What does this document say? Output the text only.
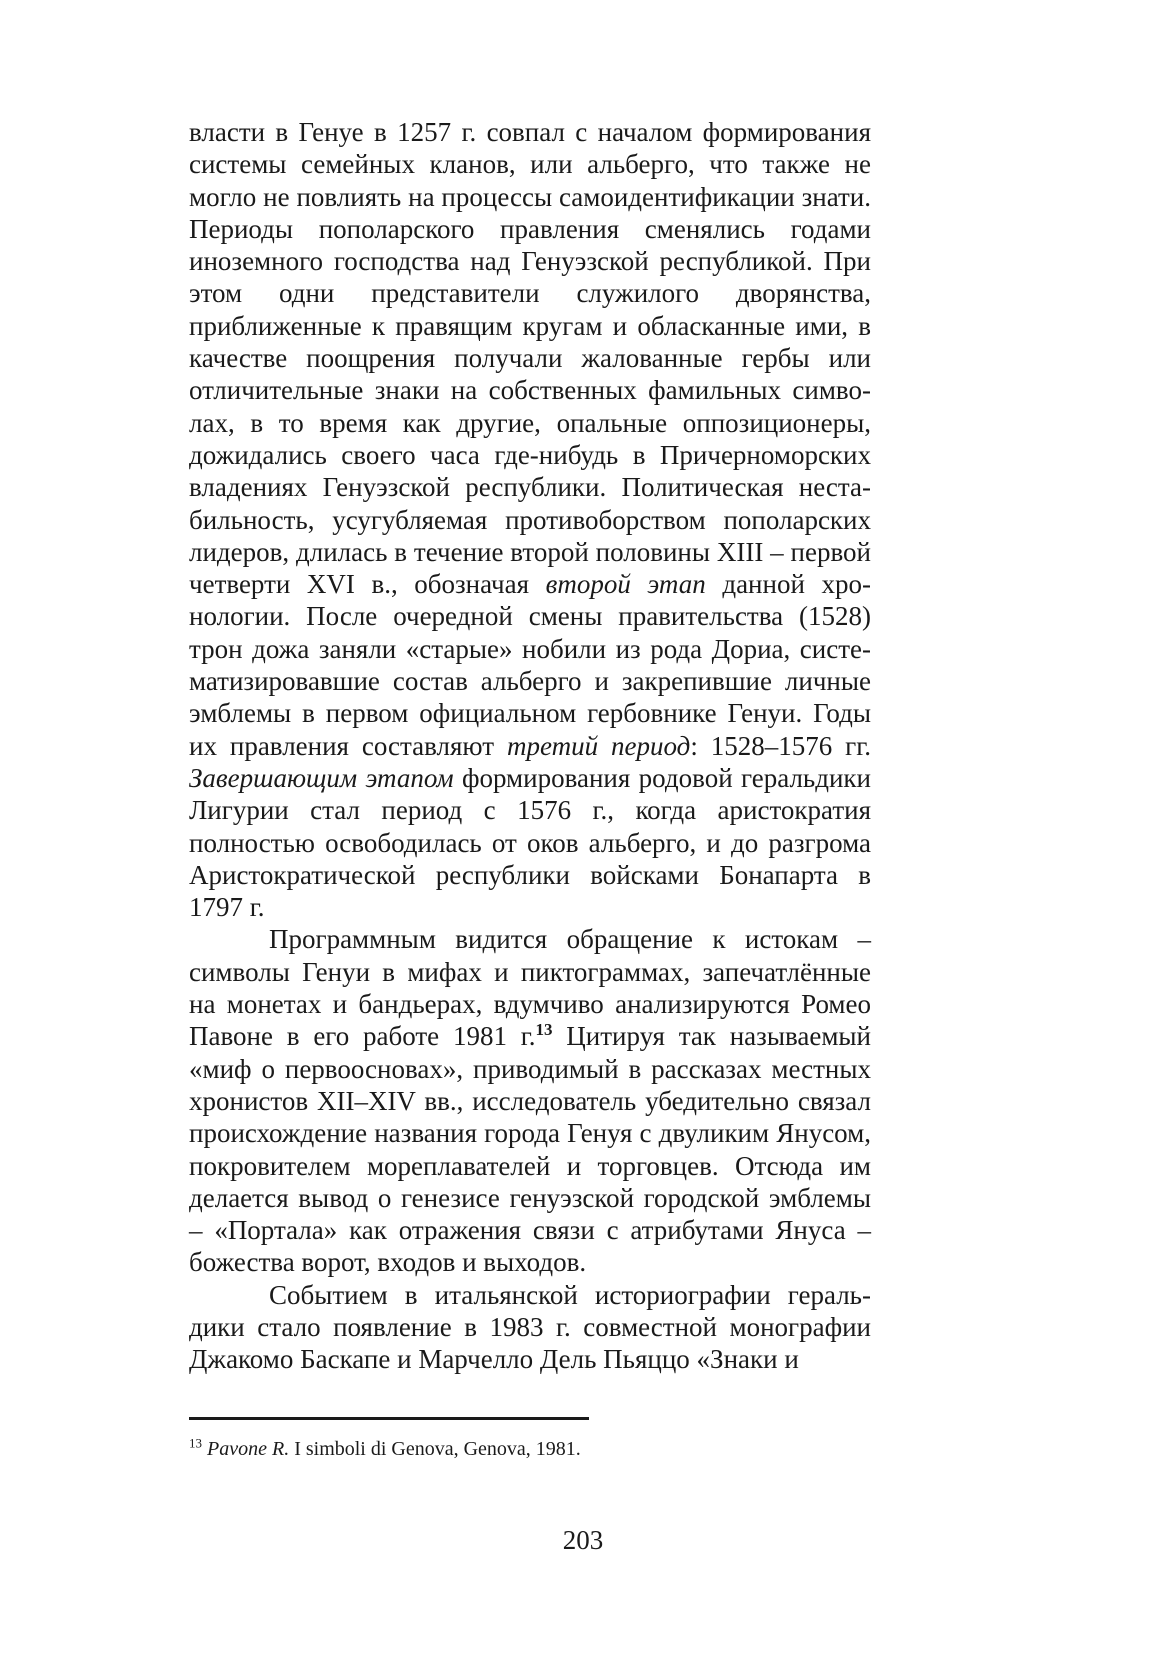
власти в Генуе в 1257 г. совпал с началом формирования системы семейных кланов, или альберго, что также не могло не повлиять на процессы самоидентификации знати. Периоды пополарского правления сменялись годами иноземного господства над Генуэзской республикой. При этом одни представители служилого дворянства, приближенные к правящим кругам и обласканные ими, в качестве поощрения получали жалованные гербы или отличительные знаки на собственных фамильных символах, в то время как другие, опальные оппозиционеры, дожидались своего часа где-нибудь в Причерноморских владениях Генуэзской республики. Политическая нестабильность, усугубляемая противоборством пополарских лидеров, длилась в течение второй половины XIII – первой четверти XVI в., обозначая второй этап данной хронологии. После очередной смены правительства (1528) трон дожа заняли «старые» нобили из рода Дориа, систематизировавшие состав альберго и закрепившие личные эмблемы в первом официальном гербовнике Генуи. Годы их правления составляют третий период: 1528–1576 гг. Завершающим этапом формирования родовой геральдики Лигурии стал период с 1576 г., когда аристократия полностью освободилась от оков альберго, и до разгрома Аристократической республики войсками Бонапарта в 1797 г.

Программным видится обращение к истокам – символы Генуи в мифах и пиктограммах, запечатлённые на монетах и бандьерах, вдумчиво анализируются Ромео Павоне в его работе 1981 г.$^{13}$ Цитируя так называемый «миф о первоосновах», приводимый в рассказах местных хронистов XII–XIV вв., исследователь убедительно связал происхождение названия города Генуя с двуликим Янусом, покровителем мореплавателей и торговцев. Отсюда им делается вывод о генезисе генуэзской городской эмблемы – «Портала» как отражения связи с атрибутами Януса – божества ворот, входов и выходов.

Событием в итальянской историографии геральдики стало появление в 1983 г. совместной монографии Джакомо Баскапе и Марчелло Дель Пьяццо «Знаки и

$^{13}$ Pavone R. I simboli di Genova, Genova, 1981.
203
